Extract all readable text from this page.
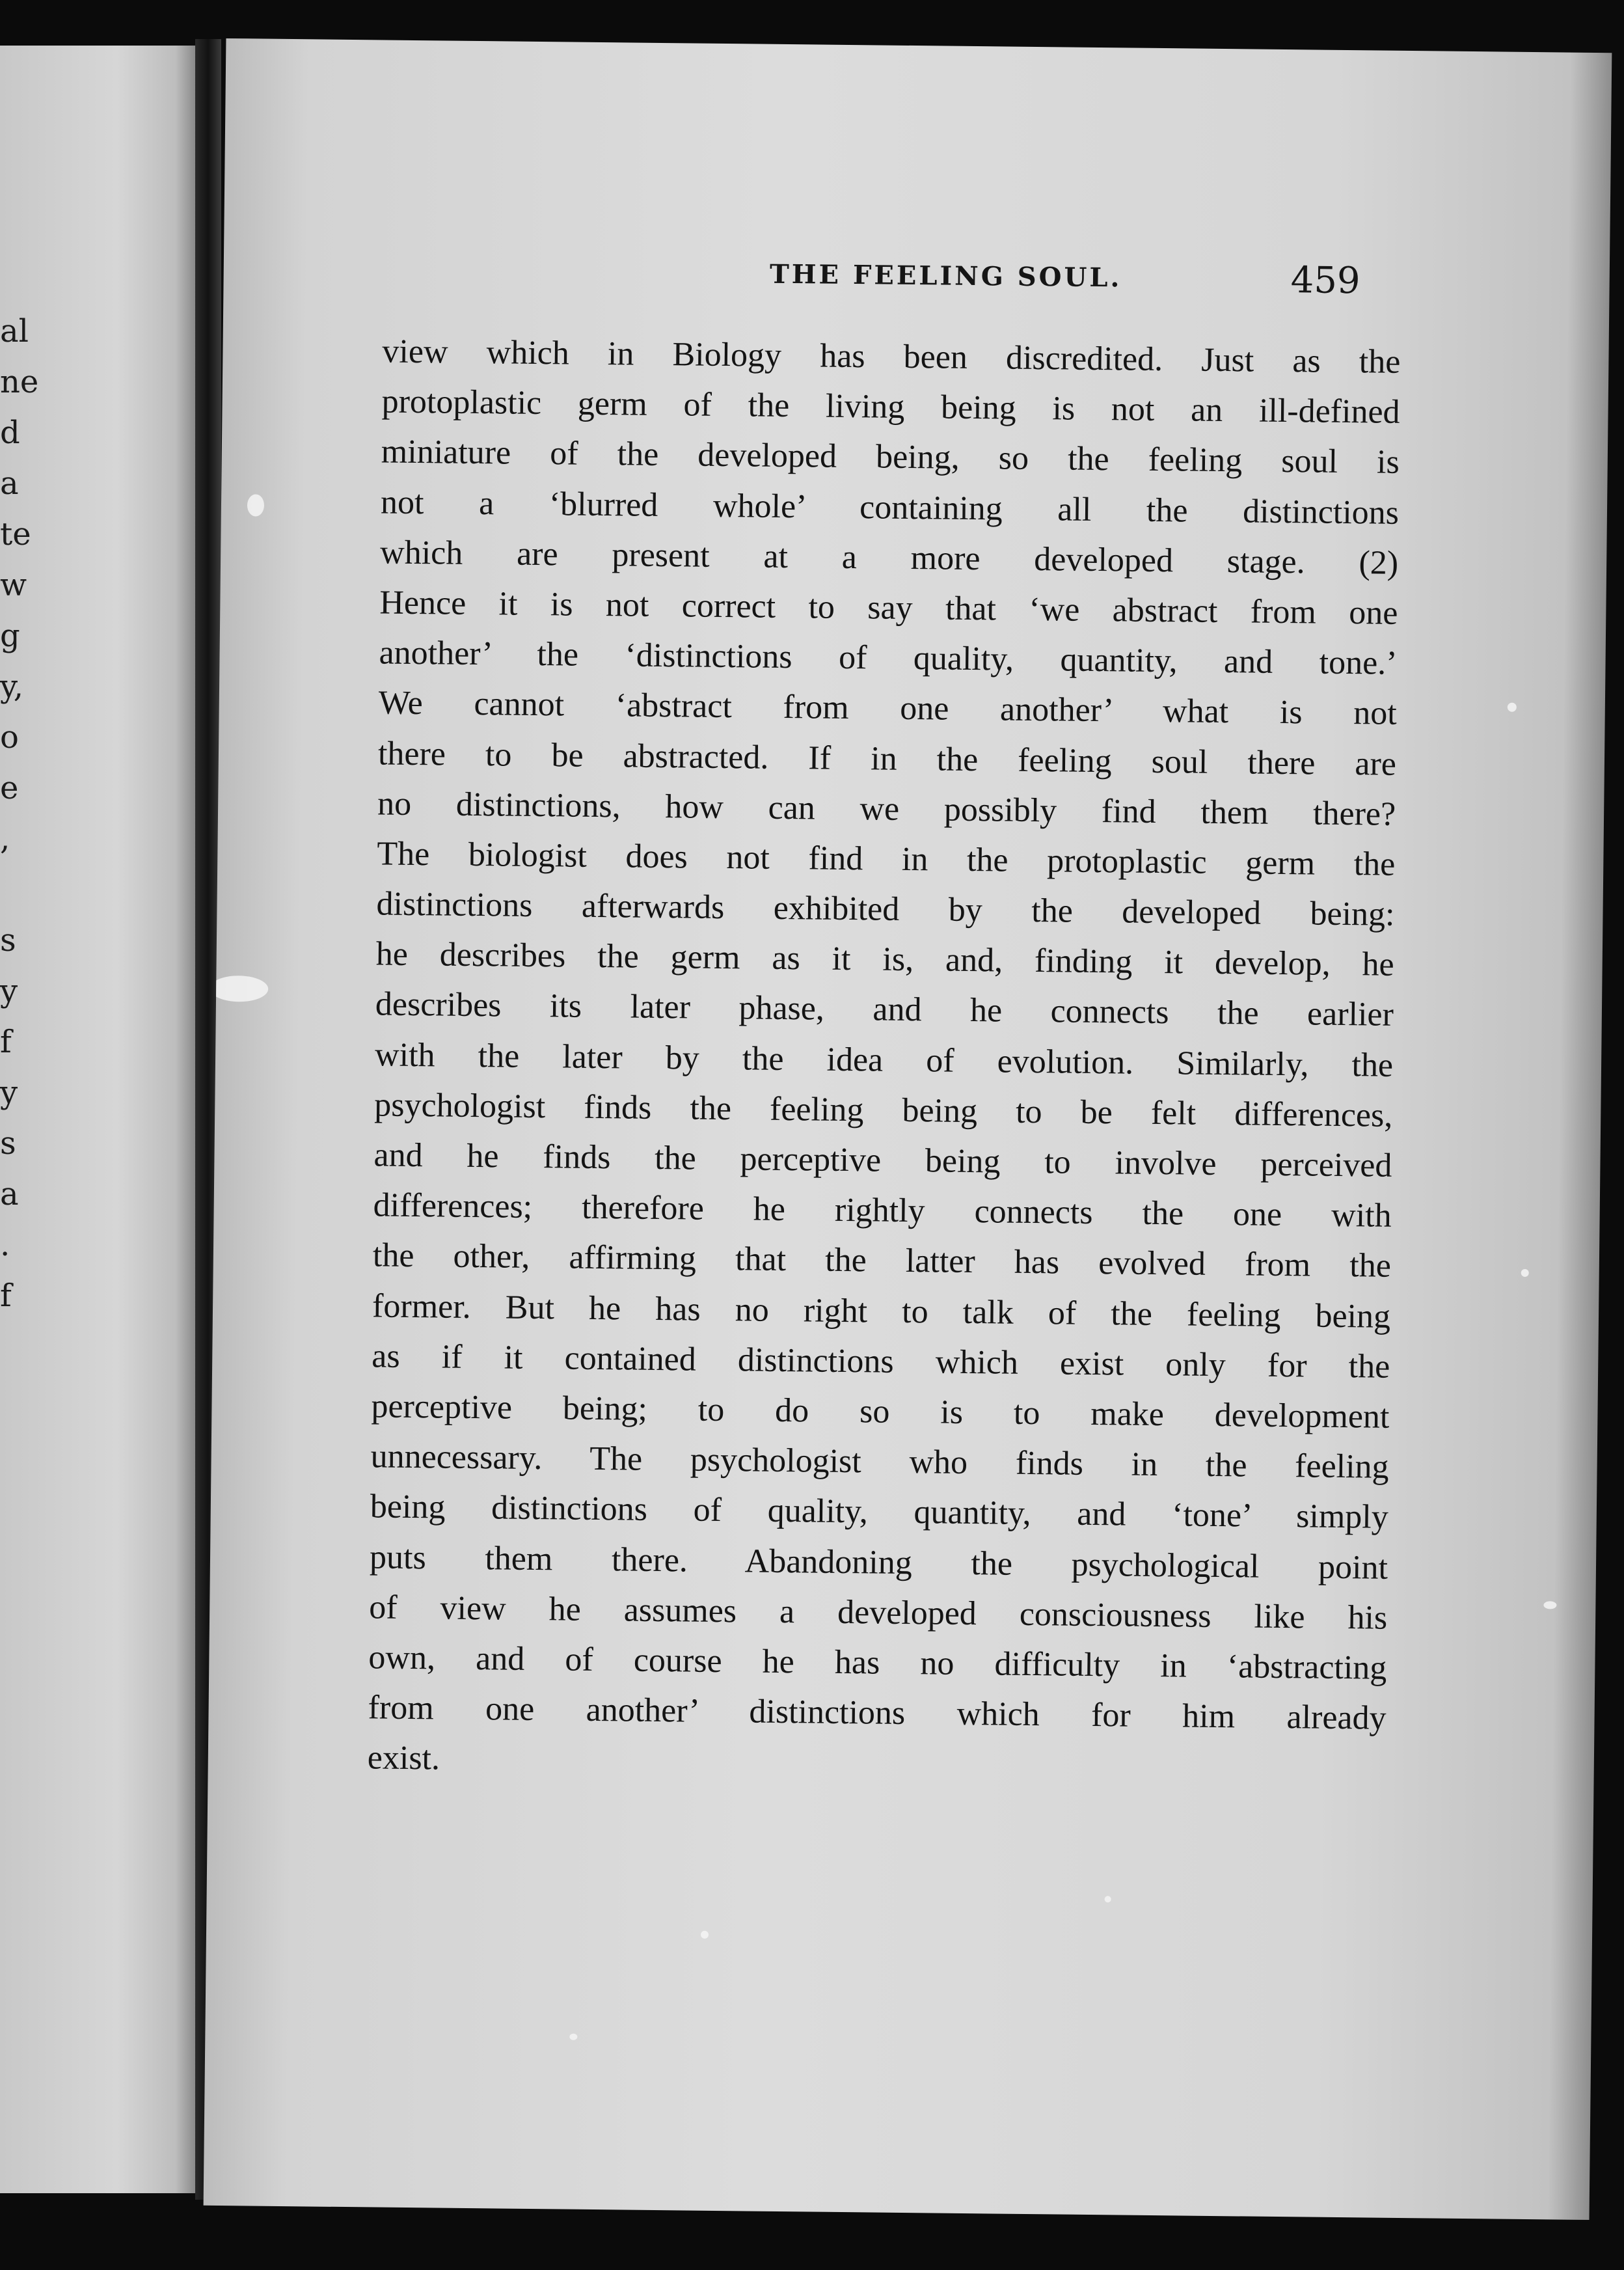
al
ne
d
a
te
w
g
y,
o
e
,
s
y
f
y
s
a
.
f
THE FEELING SOUL.	459
view which in Biology has been discredited. Just as the
protoplastic germ of the living being is not an ill-defined
miniature of the developed being, so the feeling soul is
not a ‘blurred whole’ containing all the distinctions
which are present at a more developed stage. (2)
Hence it is not correct to say that ‘we abstract from one
another’ the ‘distinctions of quality, quantity, and tone.’
We cannot ‘abstract from one another’ what is not
there to be abstracted. If in the feeling soul there are
no distinctions, how can we possibly find them there?
The biologist does not find in the protoplastic germ the
distinctions afterwards exhibited by the developed being:
he describes the germ as it is, and, finding it develop, he
describes its later phase, and he connects the earlier
with the later by the idea of evolution. Similarly, the
psychologist finds the feeling being to be felt differences,
and he finds the perceptive being to involve perceived
differences; therefore he rightly connects the one with
the other, affirming that the latter has evolved from the
former. But he has no right to talk of the feeling being
as if it contained distinctions which exist only for the
perceptive being; to do so is to make development
unnecessary. The psychologist who finds in the feeling
being distinctions of quality, quantity, and ‘tone’ simply
puts them there. Abandoning the psychological point
of view he assumes a developed consciousness like his
own, and of course he has no difficulty in ‘abstracting
from one another’ distinctions which for him already
exist.
